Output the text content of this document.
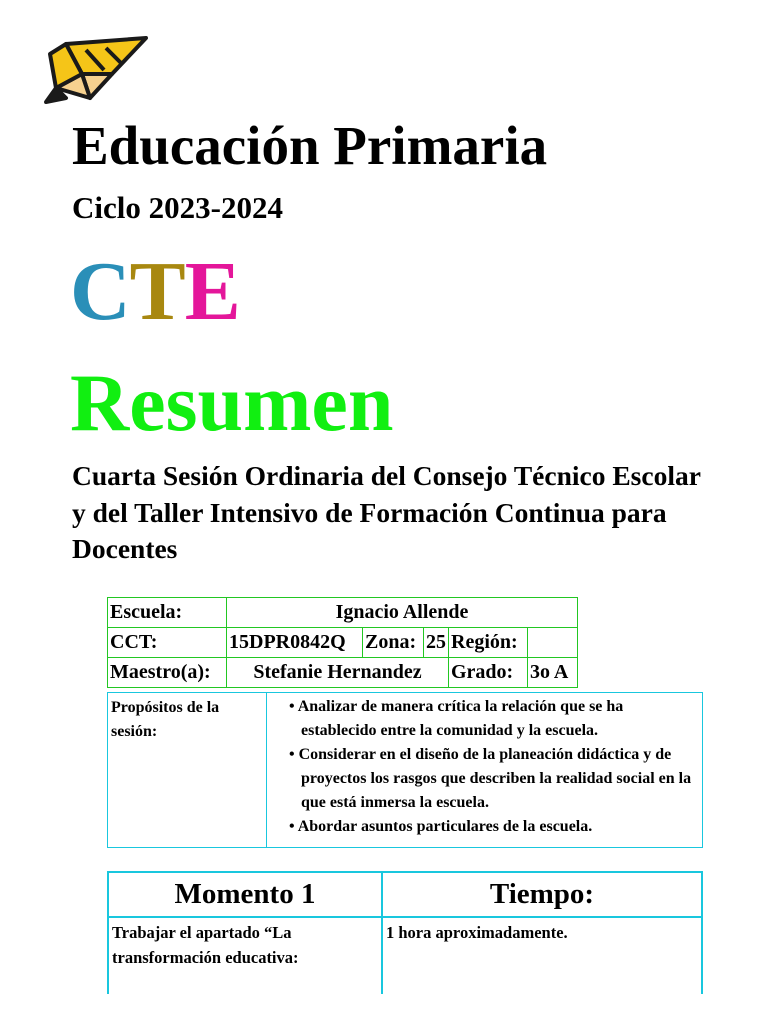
Educación Primaria
Ciclo 2023-2024
CTE
Resumen
Cuarta Sesión Ordinaria del Consejo Técnico Escolar y del Taller Intensivo de Formación Continua para Docentes
Escuela:	Ignacio Allende				
CCT:	15DPR0842Q	Zona:	25	Región:	
Maestro(a):	Stefanie Hernandez			Grado:	3o A
Propósitos de la sesión:	
• Analizar de manera crítica la relación que se ha establecido entre la comunidad y la escuela.
• Considerar en el diseño de la planeación didáctica y de proyectos los rasgos que describen la realidad social en la que está inmersa la escuela.
• Abordar asuntos particulares de la escuela.
Momento 1	Tiempo:
Trabajar el apartado “La transformación educativa:	1 hora aproximadamente.
